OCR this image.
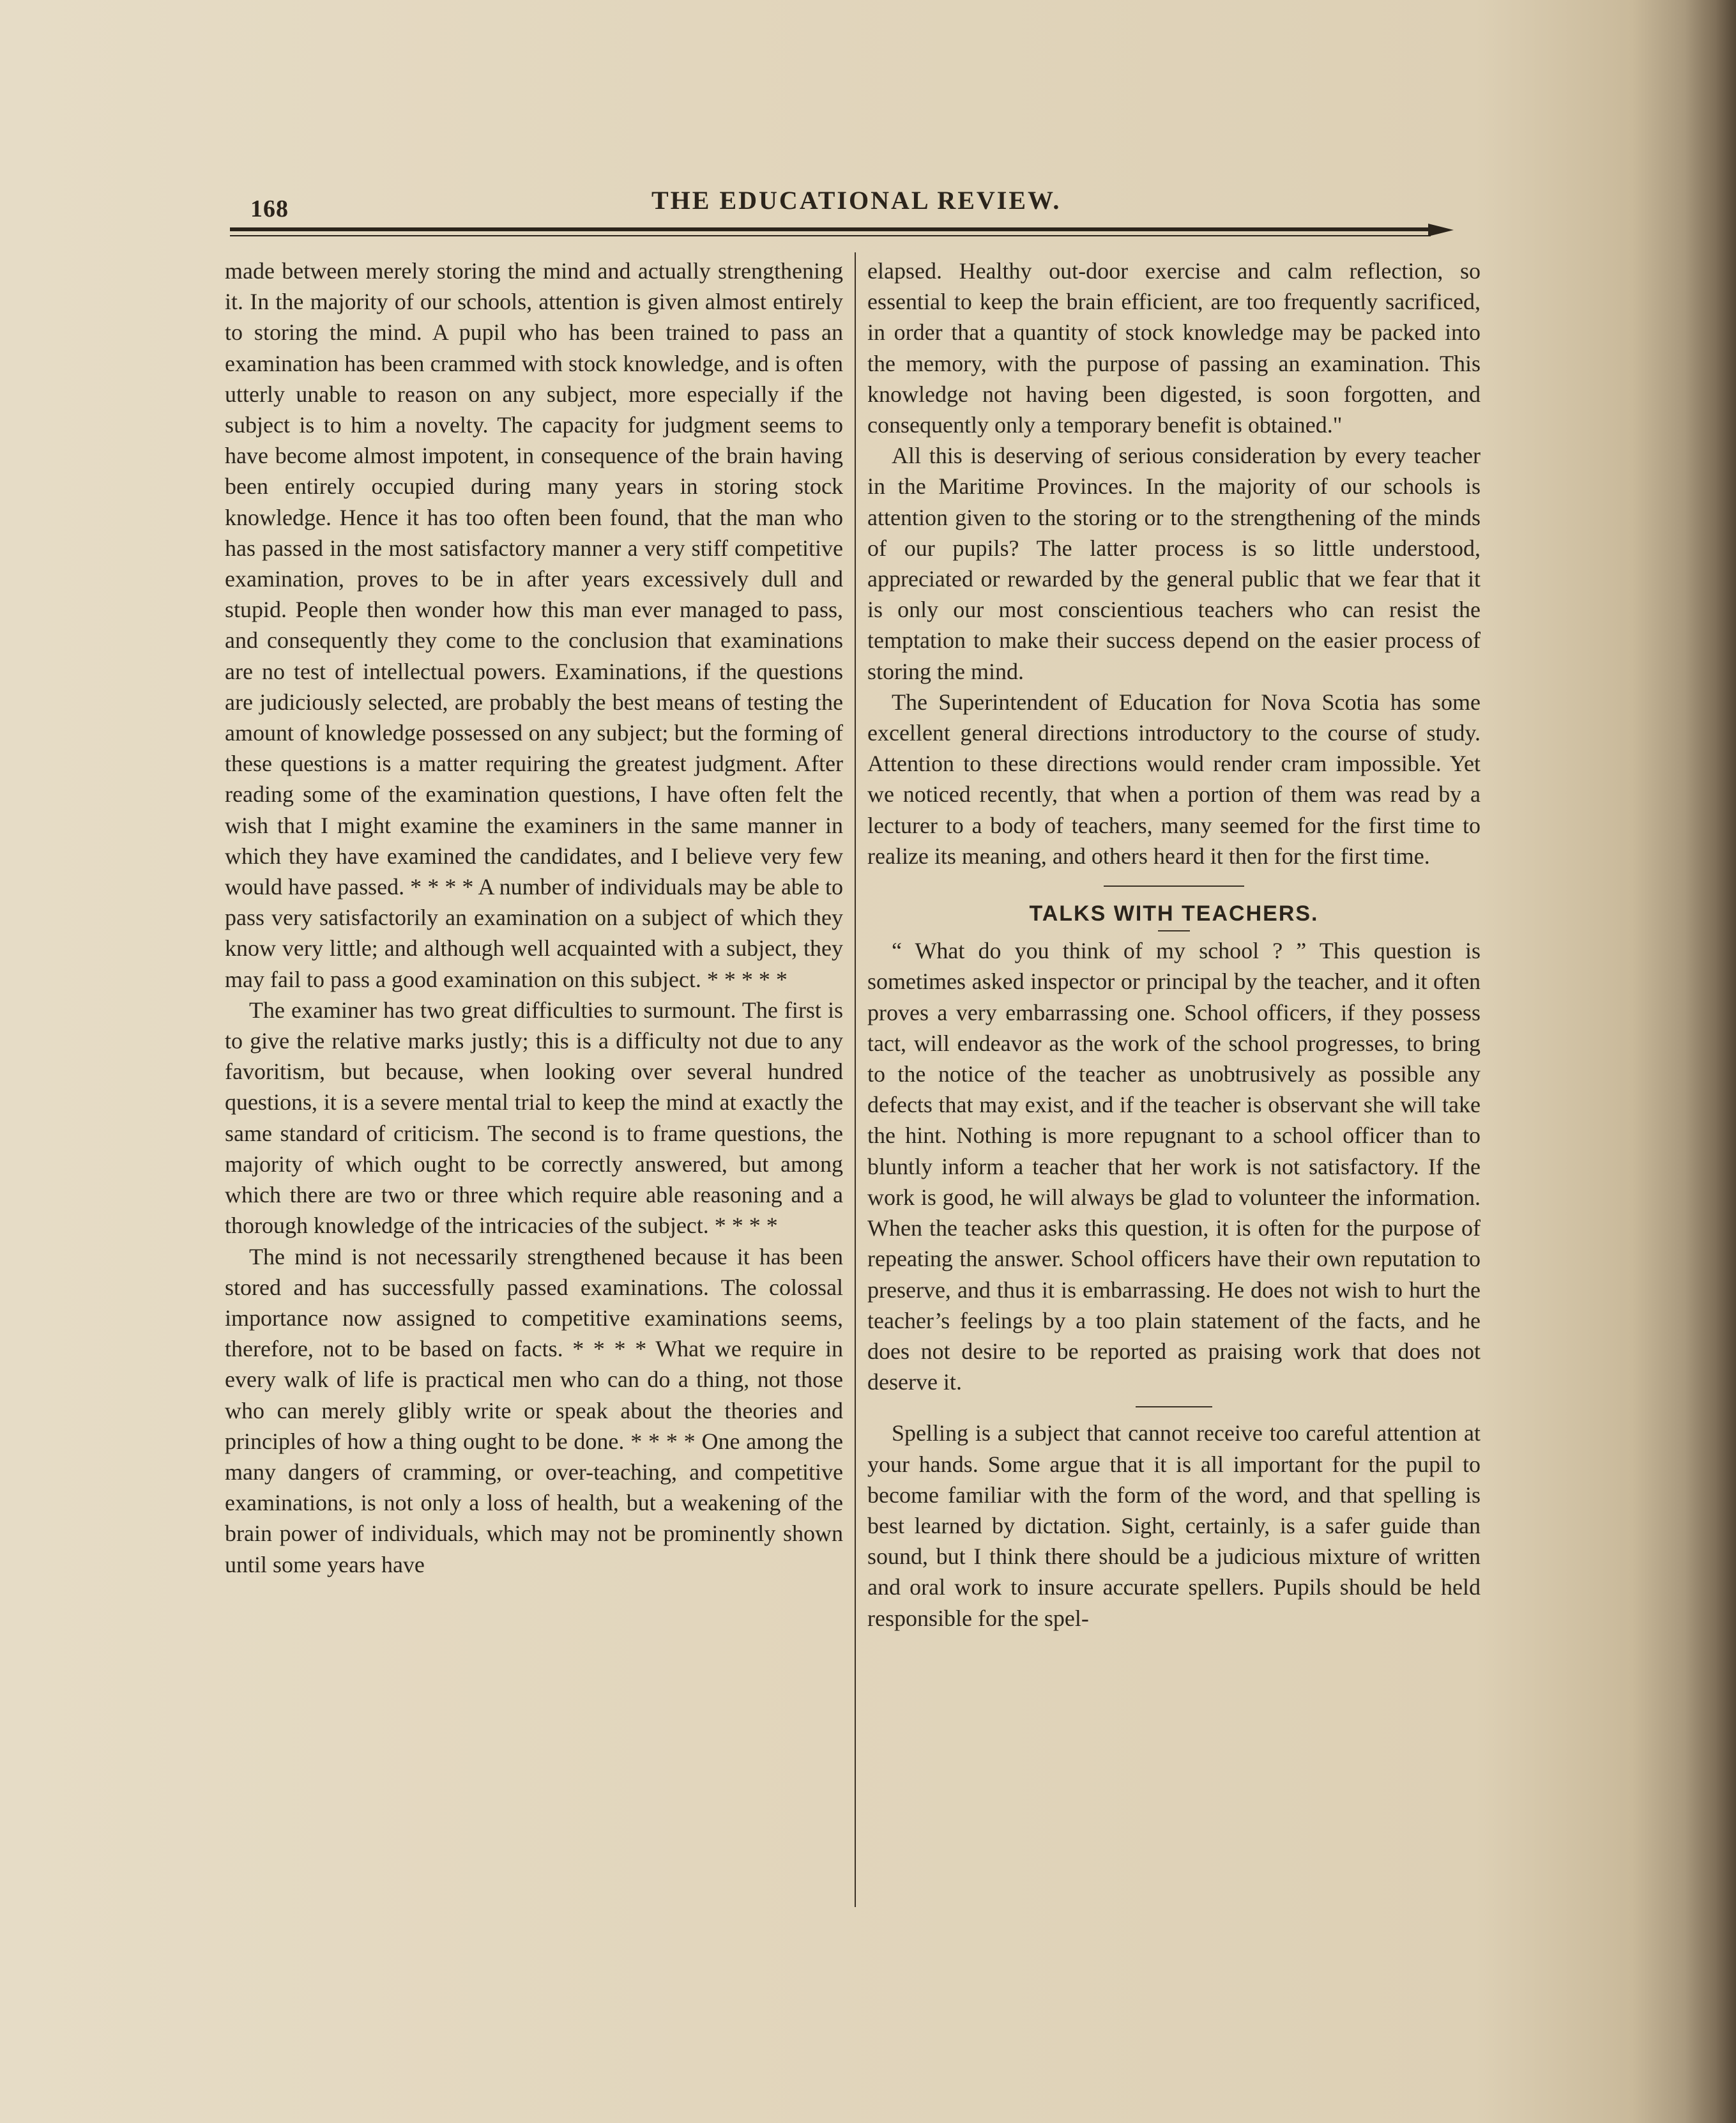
168	THE EDUCATIONAL REVIEW.

made between merely storing the mind and actually strengthening it. In the majority of our schools, attention is given almost entirely to storing the mind. A pupil who has been trained to pass an examination has been crammed with stock knowledge, and is often utterly unable to reason on any subject, more especially if the subject is to him a novelty. The capacity for judgment seems to have become almost impotent, in consequence of the brain having been entirely occupied during many years in storing stock knowledge. Hence it has too often been found, that the man who has passed in the most satisfactory manner a very stiff competitive examination, proves to be in after years excessively dull and stupid. People then wonder how this man ever managed to pass, and consequently they come to the conclusion that examinations are no test of intellectual powers. Examinations, if the questions are judiciously selected, are probably the best means of testing the amount of knowledge possessed on any subject; but the forming of these questions is a matter requiring the greatest judgment. After reading some of the examination questions, I have often felt the wish that I might examine the examiners in the same manner in which they have examined the candidates, and I believe very few would have passed. * * * * A number of individuals may be able to pass very satisfactorily an examination on a subject of which they know very little; and although well acquainted with a subject, they may fail to pass a good examination on this subject. * * * * *

The examiner has two great difficulties to surmount. The first is to give the relative marks justly; this is a difficulty not due to any favoritism, but because, when looking over several hundred questions, it is a severe mental trial to keep the mind at exactly the same standard of criticism. The second is to frame questions, the majority of which ought to be correctly answered, but among which there are two or three which require able reasoning and a thorough knowledge of the intricacies of the subject. * * * *

The mind is not necessarily strengthened because it has been stored and has successfully passed examinations. The colossal importance now assigned to competitive examinations seems, therefore, not to be based on facts. * * * * What we require in every walk of life is practical men who can do a thing, not those who can merely glibly write or speak about the theories and principles of how a thing ought to be done. * * * * One among the many dangers of cramming, or over-teaching, and competitive examinations, is not only a loss of health, but a weakening of the brain power of individuals, which may not be prominently shown until some years have

elapsed. Healthy out-door exercise and calm reflection, so essential to keep the brain efficient, are too frequently sacrificed, in order that a quantity of stock knowledge may be packed into the memory, with the purpose of passing an examination. This knowledge not having been digested, is soon forgotten, and consequently only a temporary benefit is obtained."

All this is deserving of serious consideration by every teacher in the Maritime Provinces. In the majority of our schools is attention given to the storing or to the strengthening of the minds of our pupils? The latter process is so little understood, appreciated or rewarded by the general public that we fear that it is only our most conscientious teachers who can resist the temptation to make their success depend on the easier process of storing the mind.

The Superintendent of Education for Nova Scotia has some excellent general directions introductory to the course of study. Attention to these directions would render cram impossible. Yet we noticed recently, that when a portion of them was read by a lecturer to a body of teachers, many seemed for the first time to realize its meaning, and others heard it then for the first time.

TALKS WITH TEACHERS.

“ What do you think of my school ? ” This question is sometimes asked inspector or principal by the teacher, and it often proves a very embarrassing one. School officers, if they possess tact, will endeavor as the work of the school progresses, to bring to the notice of the teacher as unobtrusively as possible any defects that may exist, and if the teacher is observant she will take the hint. Nothing is more repugnant to a school officer than to bluntly inform a teacher that her work is not satisfactory. If the work is good, he will always be glad to volunteer the information. When the teacher asks this question, it is often for the purpose of repeating the answer. School officers have their own reputation to preserve, and thus it is embarrassing. He does not wish to hurt the teacher’s feelings by a too plain statement of the facts, and he does not desire to be reported as praising work that does not deserve it.

Spelling is a subject that cannot receive too careful attention at your hands. Some argue that it is all important for the pupil to become familiar with the form of the word, and that spelling is best learned by dictation. Sight, certainly, is a safer guide than sound, but I think there should be a judicious mixture of written and oral work to insure accurate spellers. Pupils should be held responsible for the spel-
